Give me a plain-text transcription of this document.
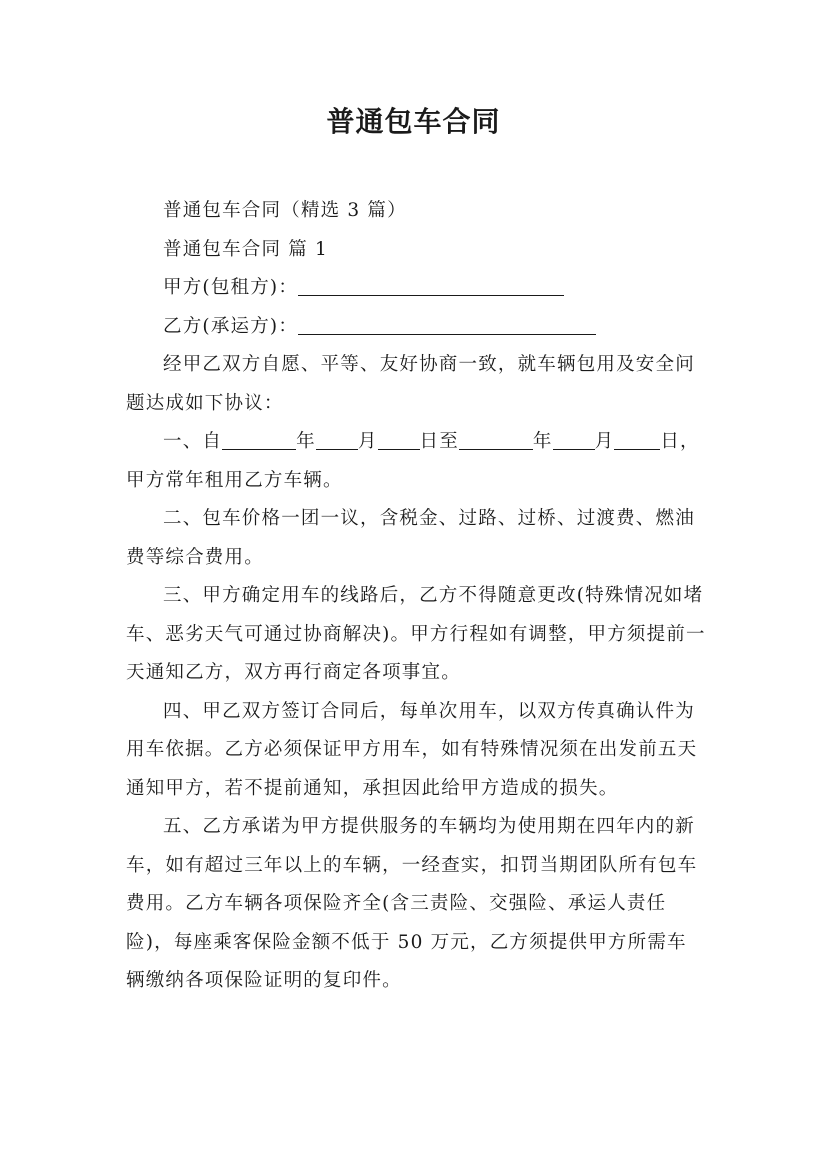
普通包车合同

普通包车合同（精选 3 篇）

普通包车合同 篇 1

甲方(包租方)：

乙方(承运方)：

经甲乙双方自愿、平等、友好协商一致，就车辆包用及安全问题达成如下协议：

一、自	年 月 日至	年 月 日，甲方常年租用乙方车辆。

二、包车价格一团一议，含税金、过路、过桥、过渡费、燃油费等综合费用。

三、甲方确定用车的线路后，乙方不得随意更改(特殊情况如堵车、恶劣天气可通过协商解决)。甲方行程如有调整，甲方须提前一天通知乙方，双方再行商定各项事宜。

四、甲乙双方签订合同后，每单次用车，以双方传真确认件为用车依据。乙方必须保证甲方用车，如有特殊情况须在出发前五天通知甲方，若不提前通知，承担因此给甲方造成的损失。

五、乙方承诺为甲方提供服务的车辆均为使用期在四年内的新车，如有超过三年以上的车辆，一经查实，扣罚当期团队所有包车费用。乙方车辆各项保险齐全(含三责险、交强险、承运人责任险)，每座乘客保险金额不低于 50 万元，乙方须提供甲方所需车辆缴纳各项保险证明的复印件。
